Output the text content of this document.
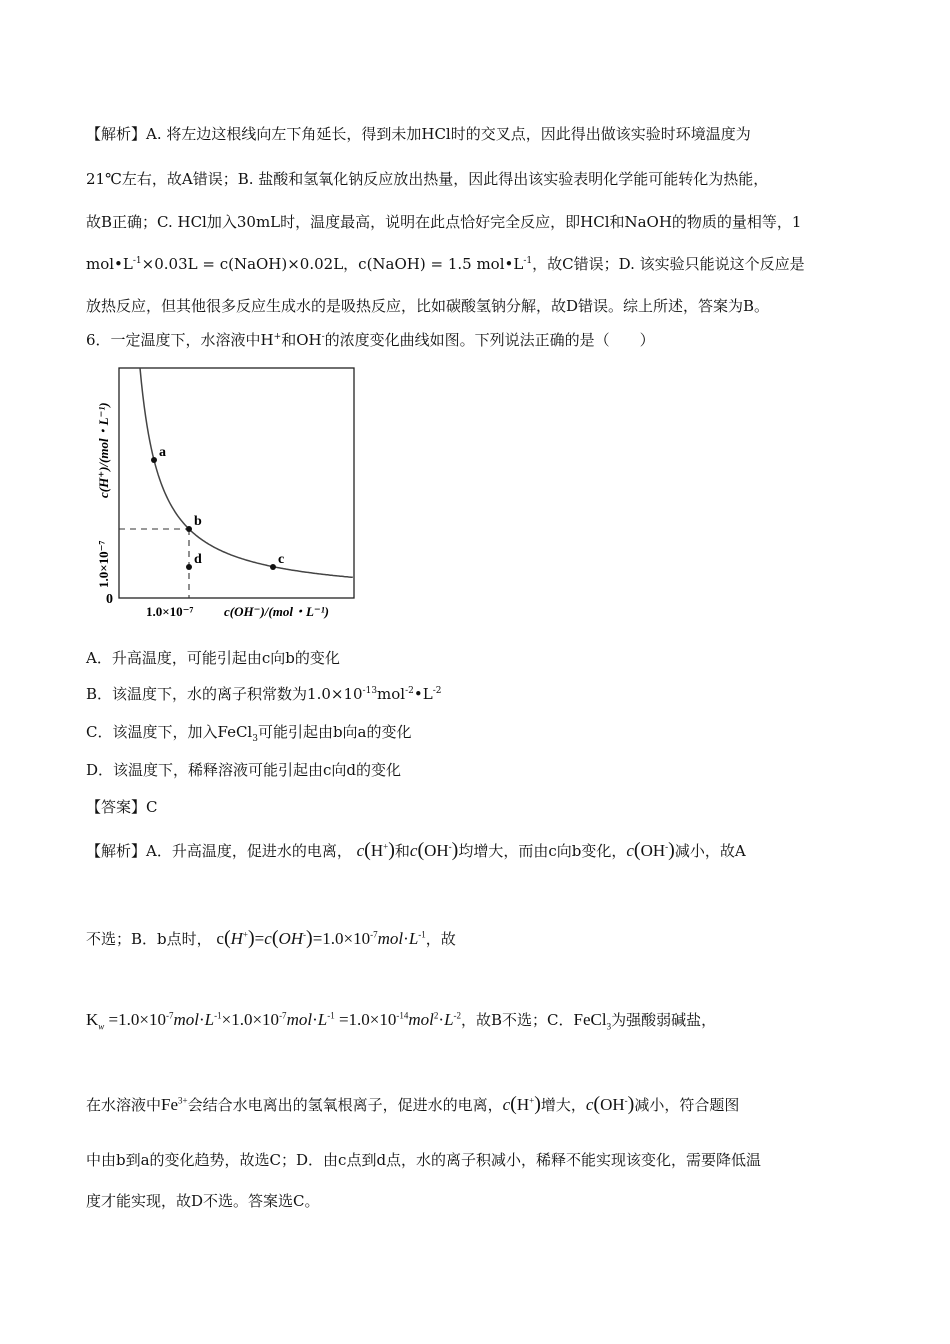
【解析】A. 将左边这根线向左下角延长，得到未加HCl时的交叉点，因此得出做该实验时环境温度为
21℃左右，故A错误；B. 盐酸和氢氧化钠反应放出热量，因此得出该实验表明化学能可能转化为热能，
故B正确；C. HCl加入30mL时，温度最高，说明在此点恰好完全反应，即HCl和NaOH的物质的量相等，1
$mol•L^{-1}\times 0.03L$ = c(NaOH)×0.02L，c(NaOH) = 1.5 $mol•L^{-1}$，故C错误；D. 该实验只能说这个反应是
放热反应，但其他很多反应生成水的是吸热反应，比如碳酸氢钠分解，故D错误。综上所述，答案为B。
6．一定温度下，水溶液中H+和OH-的浓度变化曲线如图。下列说法正确的是（　　）
a
b
c
d
0
1.0×10⁻⁷ c(OH⁻)/(mol・L⁻¹)
1.0×10⁻⁷
c(H⁺)/(mol・L⁻¹)
A．升高温度，可能引起由c向b的变化
B．该温度下，水的离子积常数为$1.0\times 10^{-13}mol^{-2}•L^{-2}$
C．该温度下，加入FeCl$_3$可能引起由b向a的变化
D．该温度下，稀释溶液可能引起由c向d的变化
【答案】C
【解析】A．升高温度，促进水的电离， c(H+)和c(OH-)均增大，而由c向b变化，c(OH-)减小，故A
不选；B．b点时， $c(H^+)=c(OH^-)=1.0\times 10^{-7}mol\cdot L^{-1}$，故
$K_w =1.0\times 10^{-7}mol\cdot L^{-1}\times 1.0\times 10^{-7}mol\cdot L^{-1} =1.0\times 10^{-14}mol^2\cdot L^{-2}$，故B不选；C．FeCl$_3$为强酸弱碱盐，
在水溶液中$Fe^{3+}$会结合水电离出的氢氧根离子，促进水的电离，c(H+)增大，c(OH-)减小，符合题图
中由b到a的变化趋势，故选C；D．由c点到d点，水的离子积减小，稀释不能实现该变化，需要降低温
度才能实现，故D不选。答案选C。
